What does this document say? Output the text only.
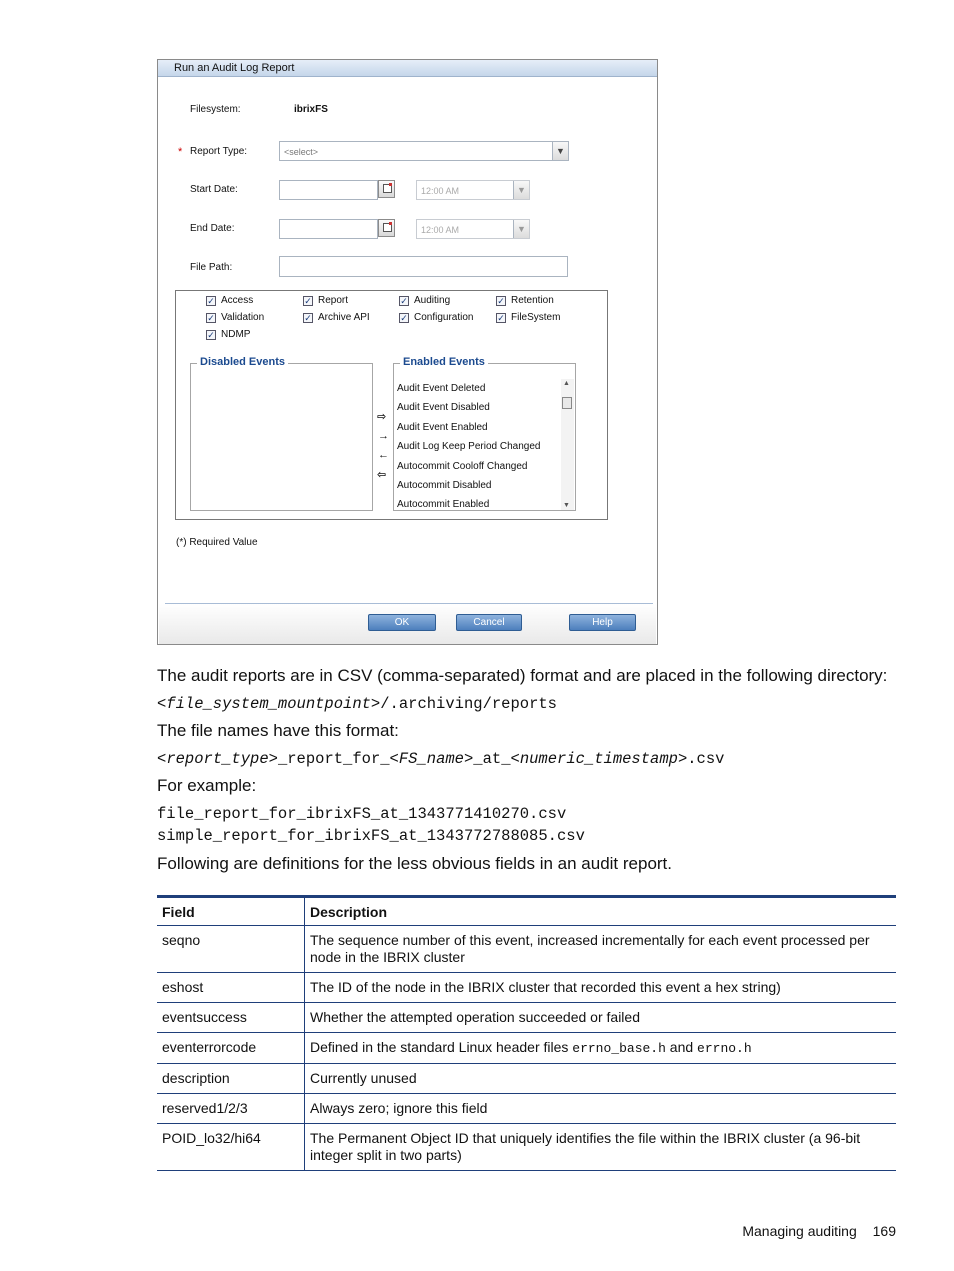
Run an Audit Log Report
Filesystem:	ibrixFS
* Report Type:	<select>	▼
Start Date:	12:00 AM	▼
End Date:	12:00 AM	▼
File Path:
✓ Access	✓ Report	✓ Auditing	✓ Retention
✓ Validation	✓ Archive API	✓ Configuration	✓ FileSystem
✓ NDMP
Disabled Events
⇨
→
←
⇦
Audit Event Deleted
Audit Event Disabled
Audit Event Enabled
Audit Log Keep Period Changed
Autocommit Cooloff Changed
Autocommit Disabled
Autocommit Enabled
▲
▼
Enabled Events
(*) Required Value
OK	Cancel	Help
The audit reports are in CSV (comma-separated) format and are placed in the following directory:
<file_system_mountpoint>/.archiving/reports
The file names have this format:
<report_type>_report_for_<FS_name>_at_<numeric_timestamp>.csv
For example:
file_report_for_ibrixFS_at_1343771410270.csv
simple_report_for_ibrixFS_at_1343772788085.csv
Following are definitions for the less obvious fields in an audit report.
Field	Description
seqno	The sequence number of this event, increased incrementally for each event processed per node in the IBRIX cluster
eshost	The ID of the node in the IBRIX cluster that recorded this event a hex string)
eventsuccess	Whether the attempted operation succeeded or failed
eventerrorcode	Defined in the standard Linux header files errno_base.h and errno.h
description	Currently unused
reserved1/2/3	Always zero; ignore this field
POID_lo32/hi64	The Permanent Object ID that uniquely identifies the file within the IBRIX cluster (a 96-bit integer split in two parts)
Managing auditing 169
